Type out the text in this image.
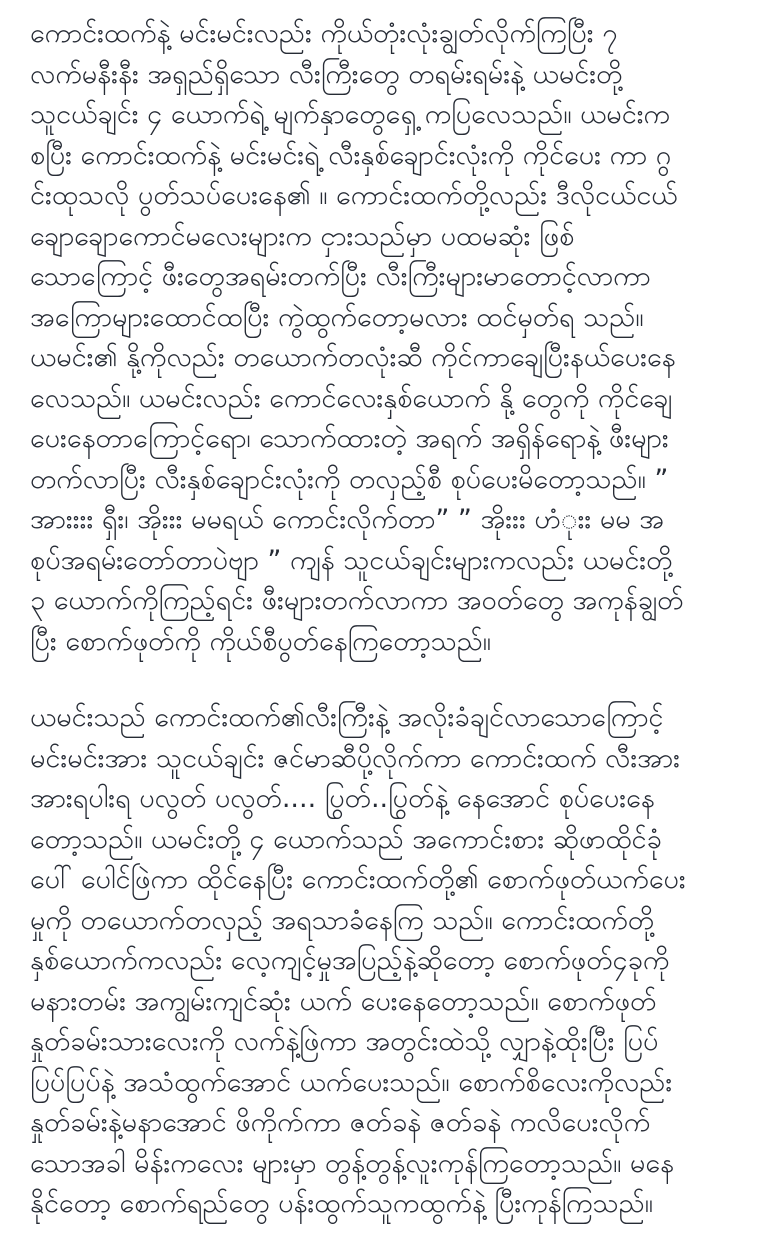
ကောင်းထက်နဲ့ မင်းမင်းလည်း ကိုယ်တုံးလုံးချွတ်လိုက်ကြပြီး ၇
လက်မနီးနီး အရှည်ရှိသော လီးကြီးတွေ တရမ်းရမ်းနဲ့ ယမင်းတို့
သူငယ်ချင်း ၄ ယောက်ရဲ့ မျက်နှာတွေရှေ့ ကပြလေသည်။ ယမင်းက
စပြီး ကောင်းထက်နဲ့ မင်းမင်းရဲ့ လီးနှစ်ချောင်းလုံးကို ကိုင်ပေး ကာ ဂွ
င်းထုသလို ပွတ်သပ်ပေးနေ၏ ။ ကောင်းထက်တို့လည်း ဒီလိုငယ်ငယ်
ချောချောကောင်မလေးများက ငှားသည်မှာ ပထမဆုံး ဖြစ်
သောကြောင့် ဖီးတွေအရမ်းတက်ပြီး လီးကြီးများမာတောင့်လာကာ
အကြောများထောင်ထပြီး ကွဲထွက်တော့မလား ထင်မှတ်ရ သည်။
ယမင်း၏ နို့ကိုလည်း တယောက်တလုံးဆီ ကိုင်ကာချေပြီးနယ်ပေးနေ
လေသည်။ ယမင်းလည်း ကောင်လေးနှစ်ယောက် နို့ တွေကို ကိုင်ချေ
ပေးနေတာကြောင့်ရော၊ သောက်ထားတဲ့ အရက် အရှိန်ရောနဲ့ ဖီးများ
တက်လာပြီး လီးနှစ်ချောင်းလုံးကို တလှည့်စီ စုပ်ပေးမိတော့သည်။ ”
အားးးး ရှီး၊ အိုးးး မမရယ် ကောင်းလိုက်တာ” ” အိုးးး ဟံုးး မမ အ
စုပ်အရမ်းတော်တာပဲဗျာ ” ကျန် သူငယ်ချင်းများကလည်း ယမင်းတို့
၃ ယောက်ကိုကြည့်ရင်း ဖီးများတက်လာကာ အဝတ်တွေ အကုန်ချွတ်
ပြီး စောက်ဖုတ်ကို ကိုယ်စီပွတ်နေကြတော့သည်။

ယမင်းသည် ကောင်းထက်၏လီးကြီးနဲ့ အလိုးခံချင်လာသောကြောင့်
မင်းမင်းအား သူငယ်ချင်း ဇင်မာဆီပို့လိုက်ကာ ကောင်းထက် လီးအား
အားရပါးရ ပလွတ် ပလွတ်.... ပြွတ်..ပြွတ်နဲ့ နေအောင် စုပ်ပေးနေ
တော့သည်။ ယမင်းတို့ ၄ ယောက်သည် အကောင်းစား ဆိုဖာထိုင်ခုံ
ပေါ် ပေါင်ဖြဲကာ ထိုင်နေပြီး ကောင်းထက်တို့၏ စောက်ဖုတ်ယက်ပေး
မှုကို တယောက်တလှည့် အရသာခံနေကြ သည်။ ကောင်းထက်တို့
နှစ်ယောက်ကလည်း လေ့ကျင့်မှုအပြည့်နဲ့ဆိုတော့ စောက်ဖုတ်၄ခုကို
မနားတမ်း အကျွမ်းကျင်ဆုံး ယက် ပေးနေတော့သည်။ စောက်ဖုတ်
နှုတ်ခမ်းသားလေးကို လက်နဲ့ဖြဲကာ အတွင်းထဲသို့ လျှာနဲ့ထိုးပြီး ပြပ်
ပြပ်ပြပ်နဲ့ အသံထွက်အောင် ယက်ပေးသည်။ စောက်စိလေးကိုလည်း
နှုတ်ခမ်းနဲ့မနာအောင် ဖိကိုက်ကာ ဇတ်ခနဲ ဇတ်ခနဲ ကလိပေးလိုက်
သောအခါ မိန်းကလေး များမှာ တွန့်တွန့်လူးကုန်ကြတော့သည်။ မနေ
နိုင်တော့ စောက်ရည်တွေ ပန်းထွက်သူကထွက်နဲ့ ပြီးကုန်ကြသည်။
